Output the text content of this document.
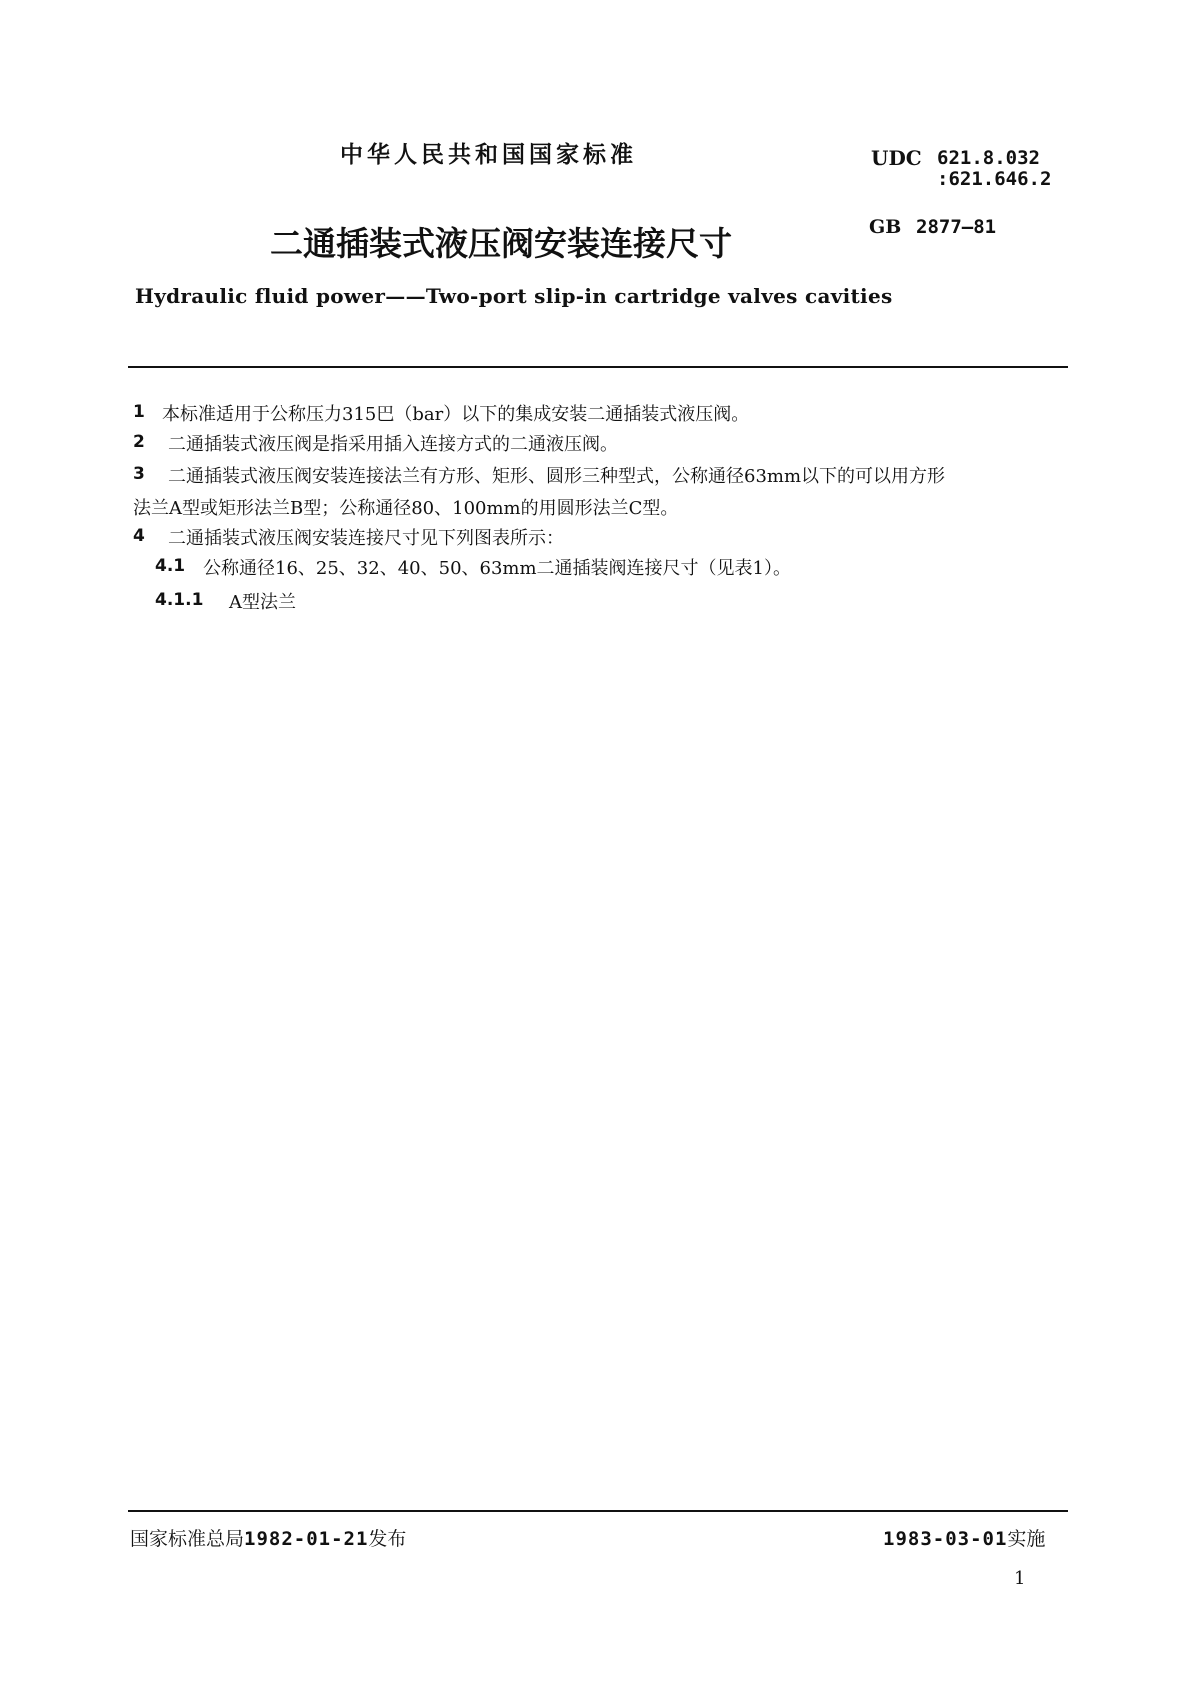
中华人民共和国国家标准	UDC 621.8.032
:621.646.2
GB 2877—81
二通插装式液压阀安装连接尺寸
Hydraulic fluid power——Two-port slip-in cartridge valves cavities
1 本标准适用于公称压力315巴（bar）以下的集成安装二通插装式液压阀。
2 二通插装式液压阀是指采用插入连接方式的二通液压阀。
3 二通插装式液压阀安装连接法兰有方形、矩形、圆形三种型式，公称通径63mm以下的可以用方形
法兰A型或矩形法兰B型；公称通径80、100mm的用圆形法兰C型。
4 二通插装式液压阀安装连接尺寸见下列图表所示：
4.1 公称通径16、25、32、40、50、63mm二通插装阀连接尺寸（见表1）。
4.1.1 A型法兰
国家标准总局1982-01-21发布	1983-03-01实施
1
